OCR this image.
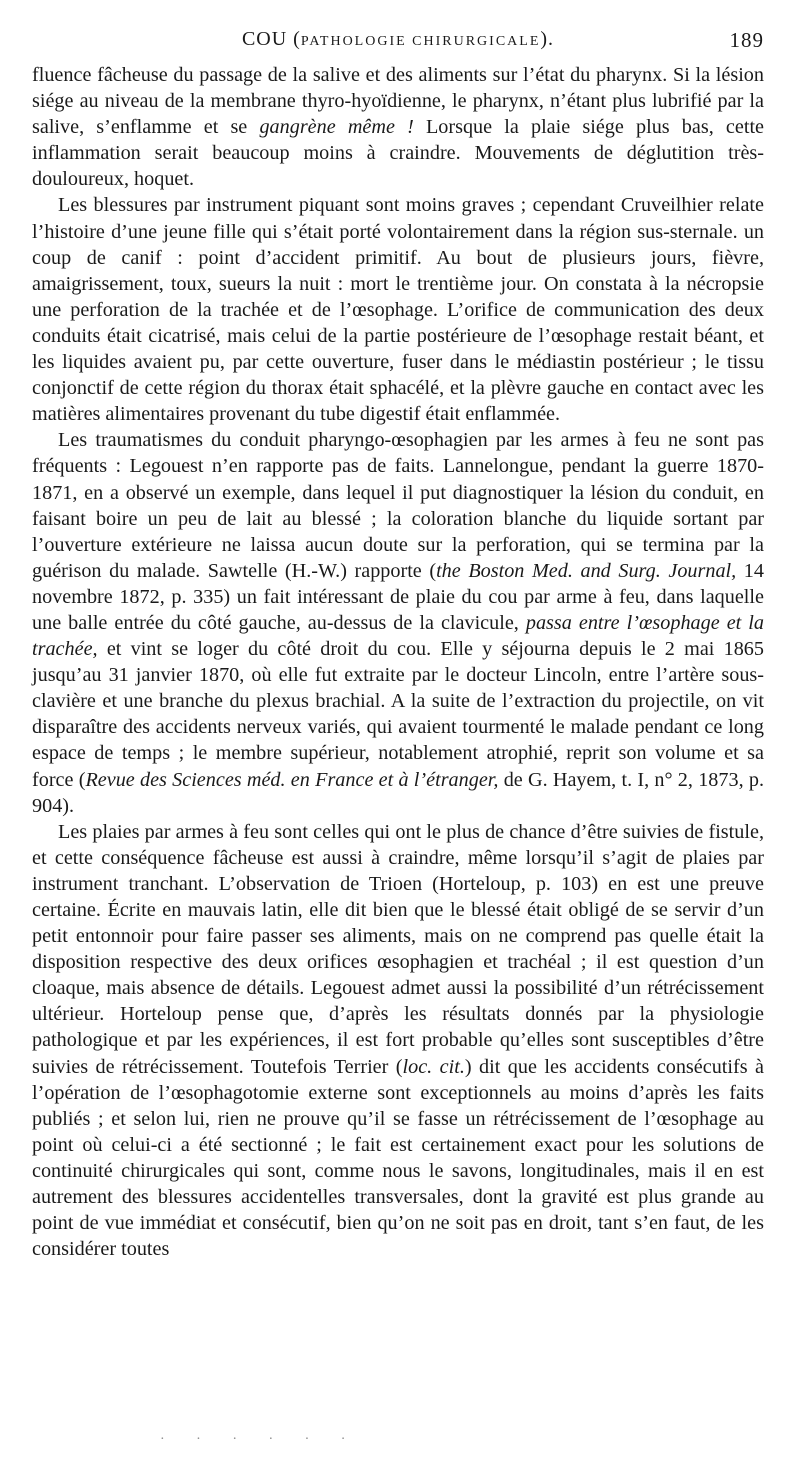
COU (PATHOLOGIE CHIRURGICALE).	189

fluence fâcheuse du passage de la salive et des aliments sur l’état du pharynx. Si la lésion siége au niveau de la membrane thyro-hyoïdienne, le pharynx, n’étant plus lubrifié par la salive, s’enflamme et se gangrène même ! Lorsque la plaie siége plus bas, cette inflammation serait beaucoup moins à craindre. Mouvements de déglutition très-douloureux, hoquet.

Les blessures par instrument piquant sont moins graves ; cependant Cruveilhier relate l’histoire d’une jeune fille qui s’était porté volontairement dans la région sus-sternale. un coup de canif : point d’accident primitif. Au bout de plusieurs jours, fièvre, amaigrissement, toux, sueurs la nuit : mort le trentième jour. On constata à la nécropsie une perforation de la trachée et de l’œsophage. L’orifice de communication des deux conduits était cicatrisé, mais celui de la partie postérieure de l’œsophage restait béant, et les liquides avaient pu, par cette ouverture, fuser dans le médiastin postérieur ; le tissu conjonctif de cette région du thorax était sphacélé, et la plèvre gauche en contact avec les matières alimentaires provenant du tube digestif était enflammée.

Les traumatismes du conduit pharyngo-œsophagien par les armes à feu ne sont pas fréquents : Legouest n’en rapporte pas de faits. Lannelongue, pendant la guerre 1870-1871, en a observé un exemple, dans lequel il put diagnostiquer la lésion du conduit, en faisant boire un peu de lait au blessé ; la coloration blanche du liquide sortant par l’ouverture extérieure ne laissa aucun doute sur la perforation, qui se termina par la guérison du malade. Sawtelle (H.-W.) rapporte (the Boston Med. and Surg. Journal, 14 novembre 1872, p. 335) un fait intéressant de plaie du cou par arme à feu, dans laquelle une balle entrée du côté gauche, au-dessus de la clavicule, passa entre l’œsophage et la trachée, et vint se loger du côté droit du cou. Elle y séjourna depuis le 2 mai 1865 jusqu’au 31 janvier 1870, où elle fut extraite par le docteur Lincoln, entre l’artère sous-clavière et une branche du plexus brachial. A la suite de l’extraction du projectile, on vit disparaître des accidents nerveux variés, qui avaient tourmenté le malade pendant ce long espace de temps ; le membre supérieur, notablement atrophié, reprit son volume et sa force (Revue des Sciences méd. en France et à l’étranger, de G. Hayem, t. I, n° 2, 1873, p. 904).

Les plaies par armes à feu sont celles qui ont le plus de chance d’être suivies de fistule, et cette conséquence fâcheuse est aussi à craindre, même lorsqu’il s’agit de plaies par instrument tranchant. L’observation de Trioen (Horteloup, p. 103) en est une preuve certaine. Écrite en mauvais latin, elle dit bien que le blessé était obligé de se servir d’un petit entonnoir pour faire passer ses aliments, mais on ne comprend pas quelle était la disposition respective des deux orifices œsophagien et trachéal ; il est question d’un cloaque, mais absence de détails. Legouest admet aussi la possibilité d’un rétrécissement ultérieur. Horteloup pense que, d’après les résultats donnés par la physiologie pathologique et par les expériences, il est fort probable qu’elles sont susceptibles d’être suivies de rétrécissement. Toutefois Terrier (loc. cit.) dit que les accidents consécutifs à l’opération de l’œsophagotomie externe sont exceptionnels au moins d’après les faits publiés ; et selon lui, rien ne prouve qu’il se fasse un rétrécissement de l’œsophage au point où celui-ci a été sectionné ; le fait est certainement exact pour les solutions de continuité chirurgicales qui sont, comme nous le savons, longitudinales, mais il en est autrement des blessures accidentelles transversales, dont la gravité est plus grande au point de vue immédiat et consécutif, bien qu’on ne soit pas en droit, tant s’en faut, de les considérer toutes

· · · · · ·
